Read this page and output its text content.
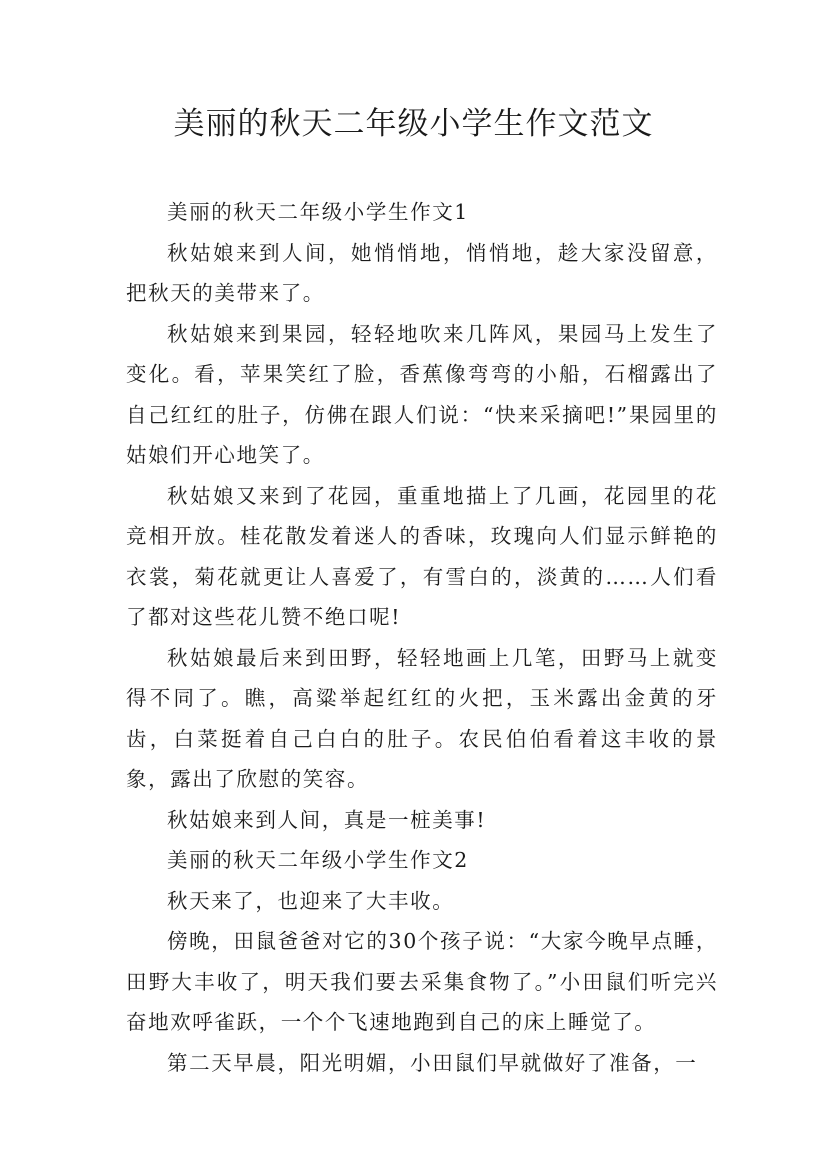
美丽的秋天二年级小学生作文范文

美丽的秋天二年级小学生作文1

秋姑娘来到人间，她悄悄地，悄悄地，趁大家没留意，把秋天的美带来了。

秋姑娘来到果园，轻轻地吹来几阵风，果园马上发生了变化。看，苹果笑红了脸，香蕉像弯弯的小船，石榴露出了自己红红的肚子，仿佛在跟人们说：“快来采摘吧!”果园里的姑娘们开心地笑了。

秋姑娘又来到了花园，重重地描上了几画，花园里的花竞相开放。桂花散发着迷人的香味，玫瑰向人们显示鲜艳的衣裳，菊花就更让人喜爱了，有雪白的，淡黄的……人们看了都对这些花儿赞不绝口呢!

秋姑娘最后来到田野，轻轻地画上几笔，田野马上就变得不同了。瞧，高粱举起红红的火把，玉米露出金黄的牙齿，白菜挺着自己白白的肚子。农民伯伯看着这丰收的景象，露出了欣慰的笑容。

秋姑娘来到人间，真是一桩美事!

美丽的秋天二年级小学生作文2

秋天来了，也迎来了大丰收。

傍晚，田鼠爸爸对它的30个孩子说：“大家今晚早点睡，田野大丰收了，明天我们要去采集食物了。”小田鼠们听完兴奋地欢呼雀跃，一个个飞速地跑到自己的床上睡觉了。

第二天早晨，阳光明媚，小田鼠们早就做好了准备，一
